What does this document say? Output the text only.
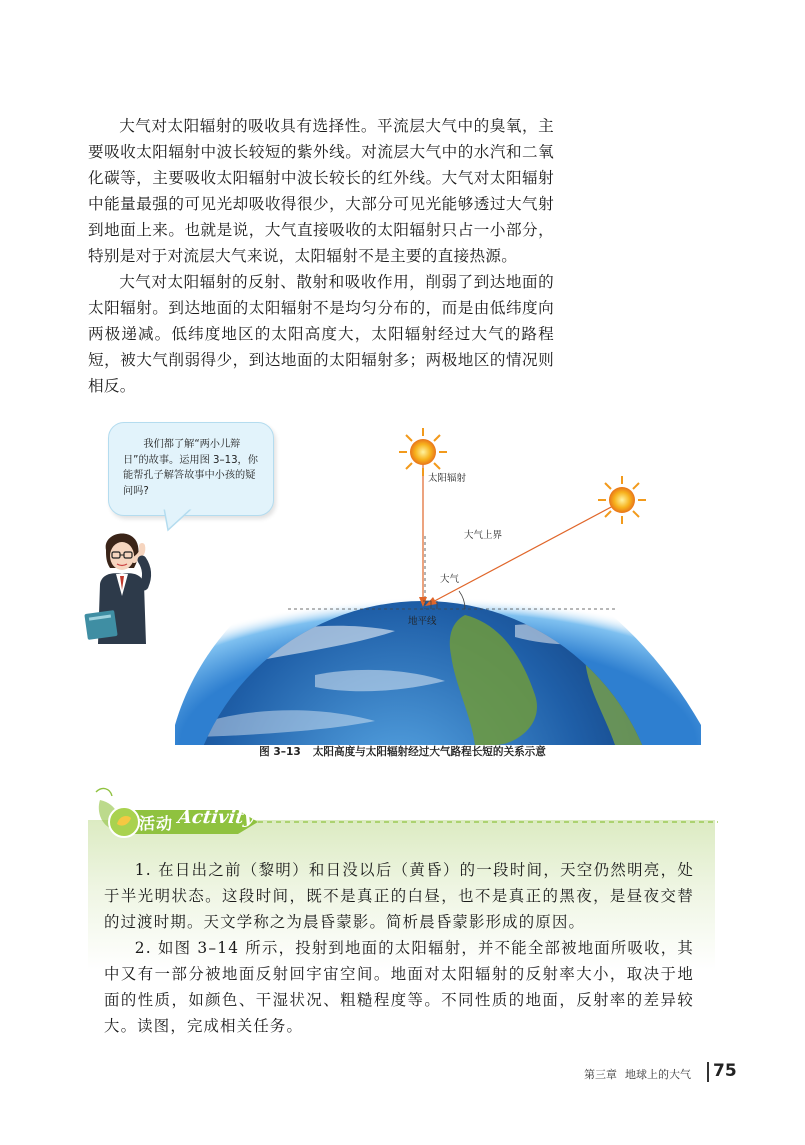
大气对太阳辐射的吸收具有选择性。平流层大气中的臭氧，主要吸收太阳辐射中波长较短的紫外线。对流层大气中的水汽和二氧化碳等，主要吸收太阳辐射中波长较长的红外线。大气对太阳辐射中能量最强的可见光却吸收得很少，大部分可见光能够透过大气射到地面上来。也就是说，大气直接吸收的太阳辐射只占一小部分，特别是对于对流层大气来说，太阳辐射不是主要的直接热源。

大气对太阳辐射的反射、散射和吸收作用，削弱了到达地面的太阳辐射。到达地面的太阳辐射不是均匀分布的，而是由低纬度向两极递减。低纬度地区的太阳高度大，太阳辐射经过大气的路程短，被大气削弱得少，到达地面的太阳辐射多；两极地区的情况则相反。

我们都了解“两小儿辩日”的故事。运用图 3–13，你能帮孔子解答故事中小孩的疑问吗?

太阳辐射
大气上界
大气
地平线

图 3–13 太阳高度与太阳辐射经过大气路程长短的关系示意

活动 Activity

1. 在日出之前（黎明）和日没以后（黄昏）的一段时间，天空仍然明亮，处于半光明状态。这段时间，既不是真正的白昼，也不是真正的黑夜，是昼夜交替的过渡时期。天文学称之为晨昏蒙影。简析晨昏蒙影形成的原因。

2. 如图 3–14 所示，投射到地面的太阳辐射，并不能全部被地面所吸收，其中又有一部分被地面反射回宇宙空间。地面对太阳辐射的反射率大小，取决于地面的性质，如颜色、干湿状况、粗糙程度等。不同性质的地面，反射率的差异较大。读图，完成相关任务。

第三章 地球上的大气 75
